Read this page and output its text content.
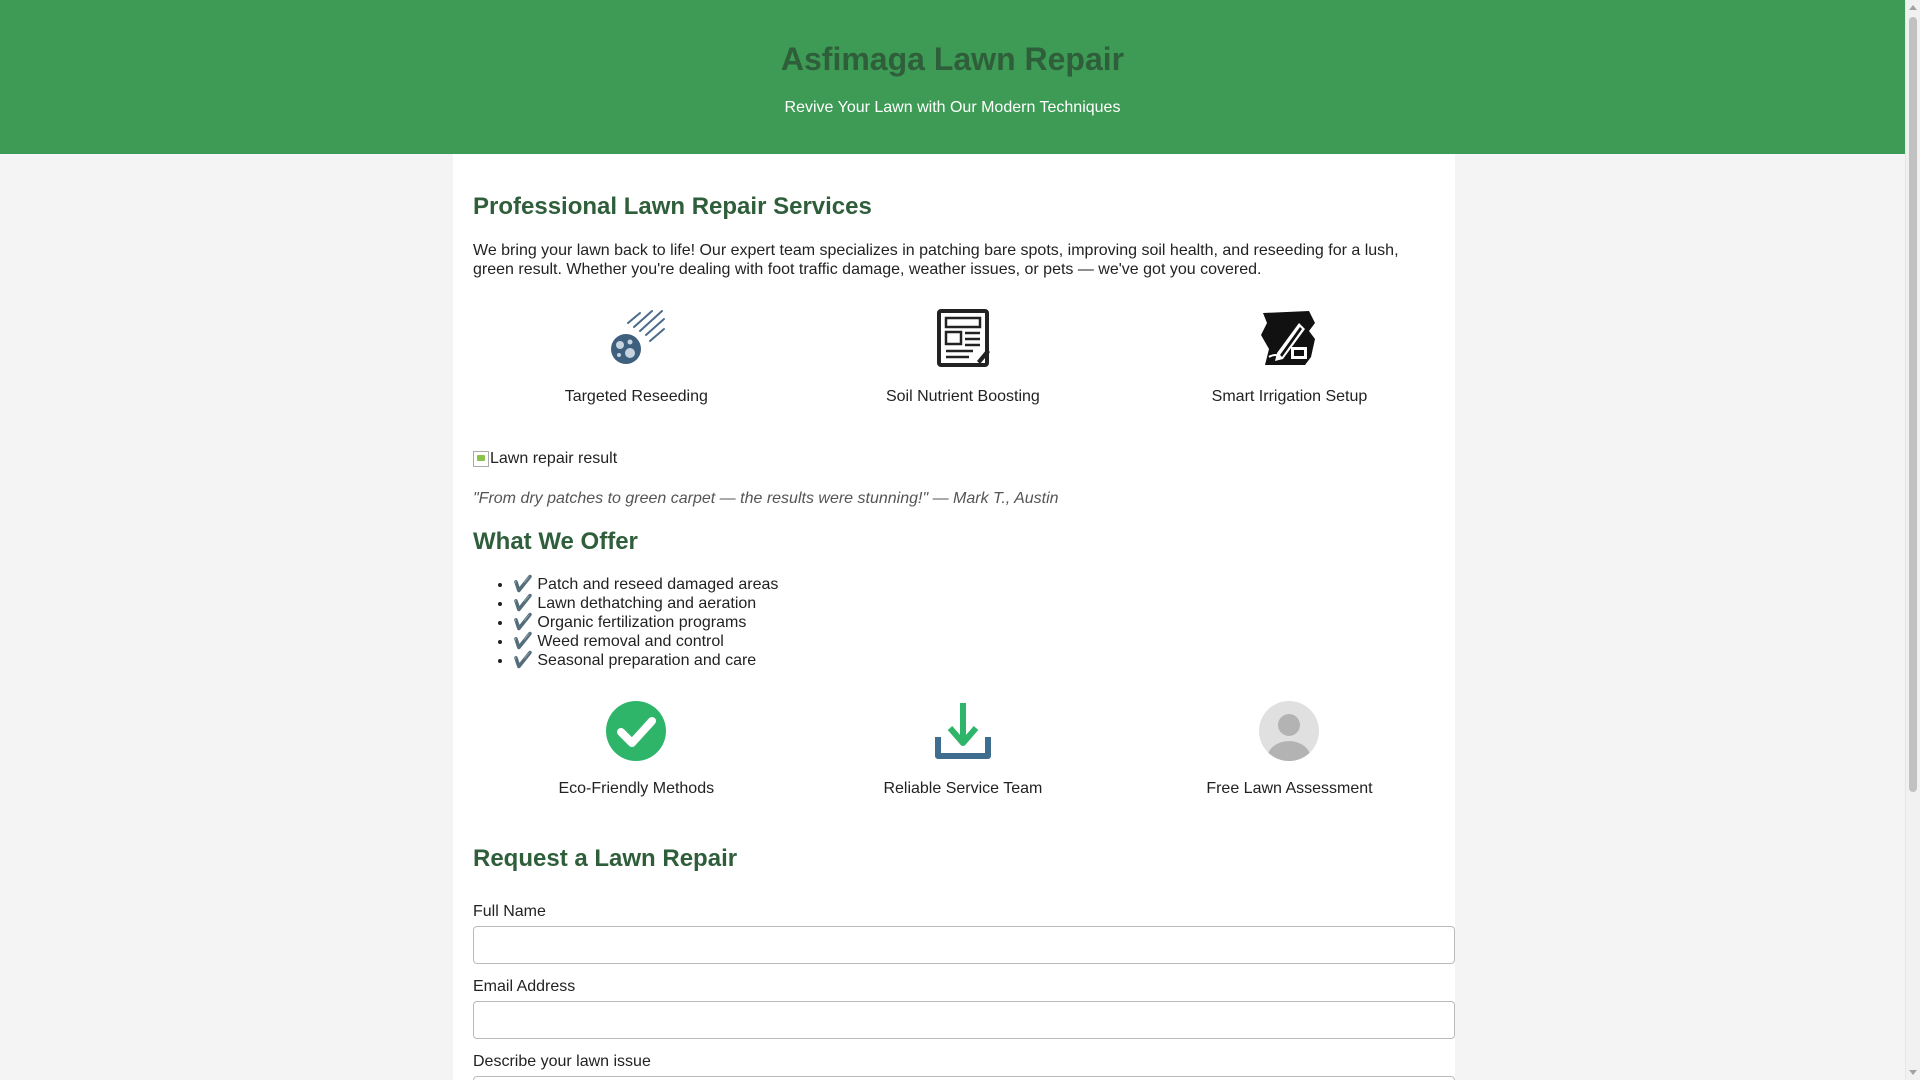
Asfimaga Lawn Repair

Revive Your Lawn with Our Modern Techniques

Professional Lawn Repair Services

We bring your lawn back to life! Our expert team specializes in patching bare spots, improving soil health, and reseeding for a lush, green result. Whether you're dealing with foot traffic damage, weather issues, or pets — we've got you covered.

Targeted Reseeding	Soil Nutrient Boosting	Smart Irrigation Setup
Lawn repair result

"From dry patches to green carpet — the results were stunning!" — Mark T., Austin

What We Offer
• ✔️ Patch and reseed damaged areas
• ✔️ Lawn dethatching and aeration
• ✔️ Organic fertilization programs
• ✔️ Weed removal and control
• ✔️ Seasonal preparation and care
Eco-Friendly Methods	Reliable Service Team	Free Lawn Assessment
Request a Lawn Repair
Full Name
Email Address
Describe your lawn issue
